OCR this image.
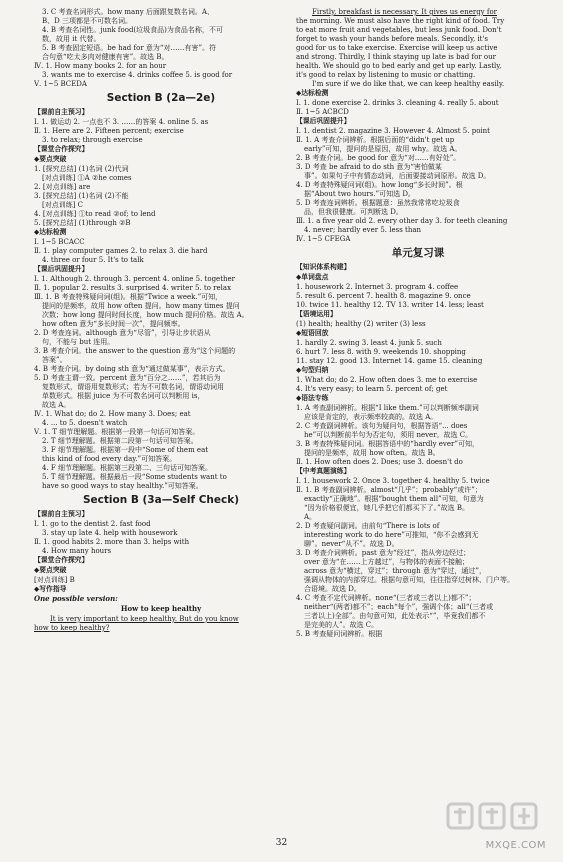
3. C 考查名词形式。how many 后面跟复数名词。A、
B、D 三项都是不可数名词。
4. B 考查名词性。junk food(垃圾食品)为食品名称，不可
数，故用 it 代替。
5. B 考查固定短语。be had for 意为“对……有害”。符
合句意“吃太多肉对健康有害”。故选 B。
Ⅳ. 1. How many books 2. for an hour
3. wants me to exercise 4. drinks coffee 5. is good for
Ⅴ. 1~5 BCEDA
Section B (2a—2e)
【课前自主预习】
Ⅰ. 1. 做运动 2. 一点也不 3. ……的答案 4. online 5. as
Ⅱ. 1. Here are 2. Fifteen percent; exercise
3. to relax; through exercise
【课堂合作探究】
◆要点突破
1. [探究总结] (1)名词 (2)代词
[对点训练] ①A ②he comes
2. [对点训练] are
3. [探究总结] (1)名词 (2)不能
[对点训练] C
4. [对点训练] ①to read ②of; to lend
5. [探究总结] (1)through ②B
◆达标检测
Ⅰ. 1~5 BCACC
Ⅱ. 1. play computer games 2. to relax 3. die hard
4. three or four 5. It's to talk
【课后巩固提升】
Ⅰ. 1. Although 2. through 3. percent 4. online 5. together
Ⅱ. 1. popular 2. results 3. surprised 4. writer 5. to relax
Ⅲ. 1. B 考查特殊疑问词(组)。根据“Twice a week.”可知，
提问的是频率，故用 how often 提问。how many times 提问
次数；how long 提问时间长度，how much 提问价格。故选 A。
how often 意为“多长时间一次”，提问频率。
2. D 考查连词。although 意为“尽管”，引导让步状语从
句，不能与 but 连用。
3. B 考查介词。the answer to the question 意为“这个问题的
答案”。
4. B 考查介词。by doing sth 意为“通过做某事”，表示方式。
5. D 考查主谓一致。percent 意为“百分之……”，若其后为
复数形式，谓语用复数形式；若为不可数名词，谓语动词用
单数形式。根据 juice 为不可数名词可以判断用 is，
故选 A。
Ⅳ. 1. What do; do 2. How many 3. Does; eat
4. ... to 5. doesn't watch
Ⅴ. 1. T 细节理解题。根据第一段第一句话可知答案。
2. T 细节理解题。根据第二段第一句话可知答案。
3. F 细节理解题。根据第一段中“Some of them eat
this kind of food every day.”可知答案。
4. F 细节理解题。根据第三段第二、三句话可知答案。
5. T 细节理解题。根据最后一段“Some students want to
have so good ways to stay healthy.”可知答案。
Section B (3a—Self Check)
【课前自主预习】
Ⅰ. 1. go to the dentist 2. fast food
3. stay up late 4. help with housework
Ⅱ. 1. good habits 2. more than 3. helps with
4. How many hours
【课堂合作探究】
◆要点突破
[对点训练] B
◆写作指导
One possible version:
How to keep healthy
It is very important to keep healthy. But do you know
how to keep healthy?
Firstly, breakfast is necessary. It gives us energy for
the morning. We must also have the right kind of food. Try
to eat more fruit and vegetables, but less junk food. Don't
forget to wash your hands before meals. Secondly, it's
good for us to take exercise. Exercise will keep us active
and strong. Thirdly, I think staying up late is bad for our
health. We should go to bed early and get up early. Lastly,
it's good to relax by listening to music or chatting.
I'm sure if we do like that, we can keep healthy easily.
◆达标检测
Ⅰ. 1. done exercise 2. drinks 3. cleaning 4. really 5. about
Ⅱ. 1~5 ACBCD
【课后巩固提升】
Ⅰ. 1. dentist 2. magazine 3. However 4. Almost 5. point
Ⅱ. 1. A 考查介词辨析。根据后面的“didn't get up
early”可知，提问的是原因，故用 why。故选 A。
2. B 考查介词。be good for 意为“对……有好处”。
3. D 考查 be afraid to do sth 意为“害怕做某
事”。如果句子中有情态动词，后面要接动词原形。故选 D。
4. D 考查特殊疑问词(组)。how long“多长时间”。根
据“About two hours.”可知选 D。
5. D 考查连词辨析。根据题意：虽然我常常吃垃圾食
品，但我很健康。可判断选 D。
Ⅲ. 1. a five year old 2. every other day 3. for teeth cleaning
4. never; hardly ever 5. less than
Ⅳ. 1~5 CFEGA
单元复习课
【知识体系构建】
◆单词盘点
1. housework 2. Internet 3. program 4. coffee
5. result 6. percent 7. health 8. magazine 9. once
10. twice 11. healthy 12. TV 13. writer 14. less; least
【语境运用】
(1) health; healthy (2) writer (3) less
◆短语回放
1. hardly 2. swing 3. least 4. junk 5. such
6. hurt 7. less 8. with 9. weekends 10. shopping
11. stay 12. good 13. Internet 14. game 15. cleaning
◆句型归纳
1. What do; do 2. How often does 3. me to exercise
4. It's very easy; to learn 5. percent of; get
◆语法专练
1. A 考查副词辨析。根据“I like them.”可以判断频率副词
应该是肯定的，表示频率较高的。故选 A。
2. C 考查副词辨析。该句为疑问句，根据答语“... does
he”可以判断前半句为否定句，须用 never。故选 C。
3. B 考查特殊疑问词。根据答语中的“hardly ever”可知，
提问的是频率，故用 how often。故选 B。
Ⅱ. 1. How often does 2. Does; use 3. doesn't do
【中考真题演练】
Ⅰ. 1. housework 2. Once 3. together 4. healthy 5. twice
Ⅱ. 1. B 考查副词辨析。almost“几乎”；probably“或许”；
exactly“正确地”。根据“bought them all”可知，句意为
“因为价格很便宜，她几乎把它们都买下了。”故选 B。
A。
2. D 考查疑问副词。由前句“There is lots of
interesting work to do here”可推知，“你不会感到无
聊”。never“从不”。故选 D。
3. D 考查介词辨析。past 意为“经过”，指从旁边经过；
over 意为“在……上方越过”，与物体的表面不接触；
across 意为“横过，穿过”；through 意为“穿过，通过”，
强调从物体的内部穿过。根据句意可知，往往指穿过树林、门户等。
合语境。故选 D。
4. C 考查不定代词辨析。none“(三者或三者以上)都不”；
neither“(两者)都不”；each“每个”，强调个体；all“(三者或
三者以上)全部”。由句意可知，此处表示“”，毕竟我们都不
是完美的人”。故选 C。
5. B 考查疑问词辨析。根据
32	MXQE.COM
